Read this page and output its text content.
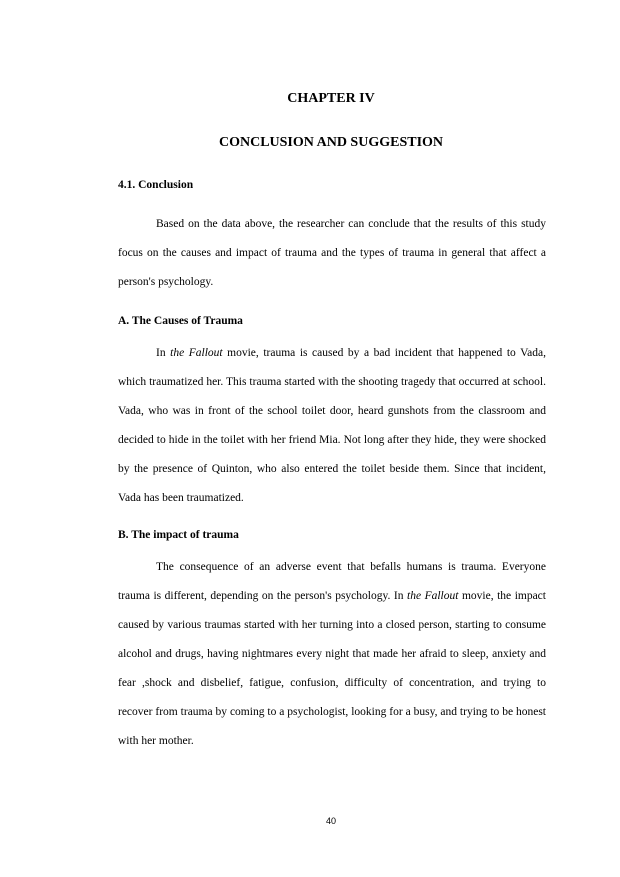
CHAPTER IV
CONCLUSION AND SUGGESTION
4.1. Conclusion

Based on the data above, the researcher can conclude that the results of this study focus on the causes and impact of trauma and the types of trauma in general that affect a person's psychology.

A. The Causes of Trauma

In the Fallout movie, trauma is caused by a bad incident that happened to Vada, which traumatized her. This trauma started with the shooting tragedy that occurred at school. Vada, who was in front of the school toilet door, heard gunshots from the classroom and decided to hide in the toilet with her friend Mia. Not long after they hide, they were shocked by the presence of Quinton, who also entered the toilet beside them. Since that incident, Vada has been traumatized.

B. The impact of trauma

The consequence of an adverse event that befalls humans is trauma. Everyone trauma is different, depending on the person's psychology. In the Fallout movie, the impact caused by various traumas started with her turning into a closed person, starting to consume alcohol and drugs, having nightmares every night that made her afraid to sleep, anxiety and fear ,shock and disbelief, fatigue, confusion, difficulty of concentration, and trying to recover from trauma by coming to a psychologist, looking for a busy, and trying to be honest with her mother.

40
